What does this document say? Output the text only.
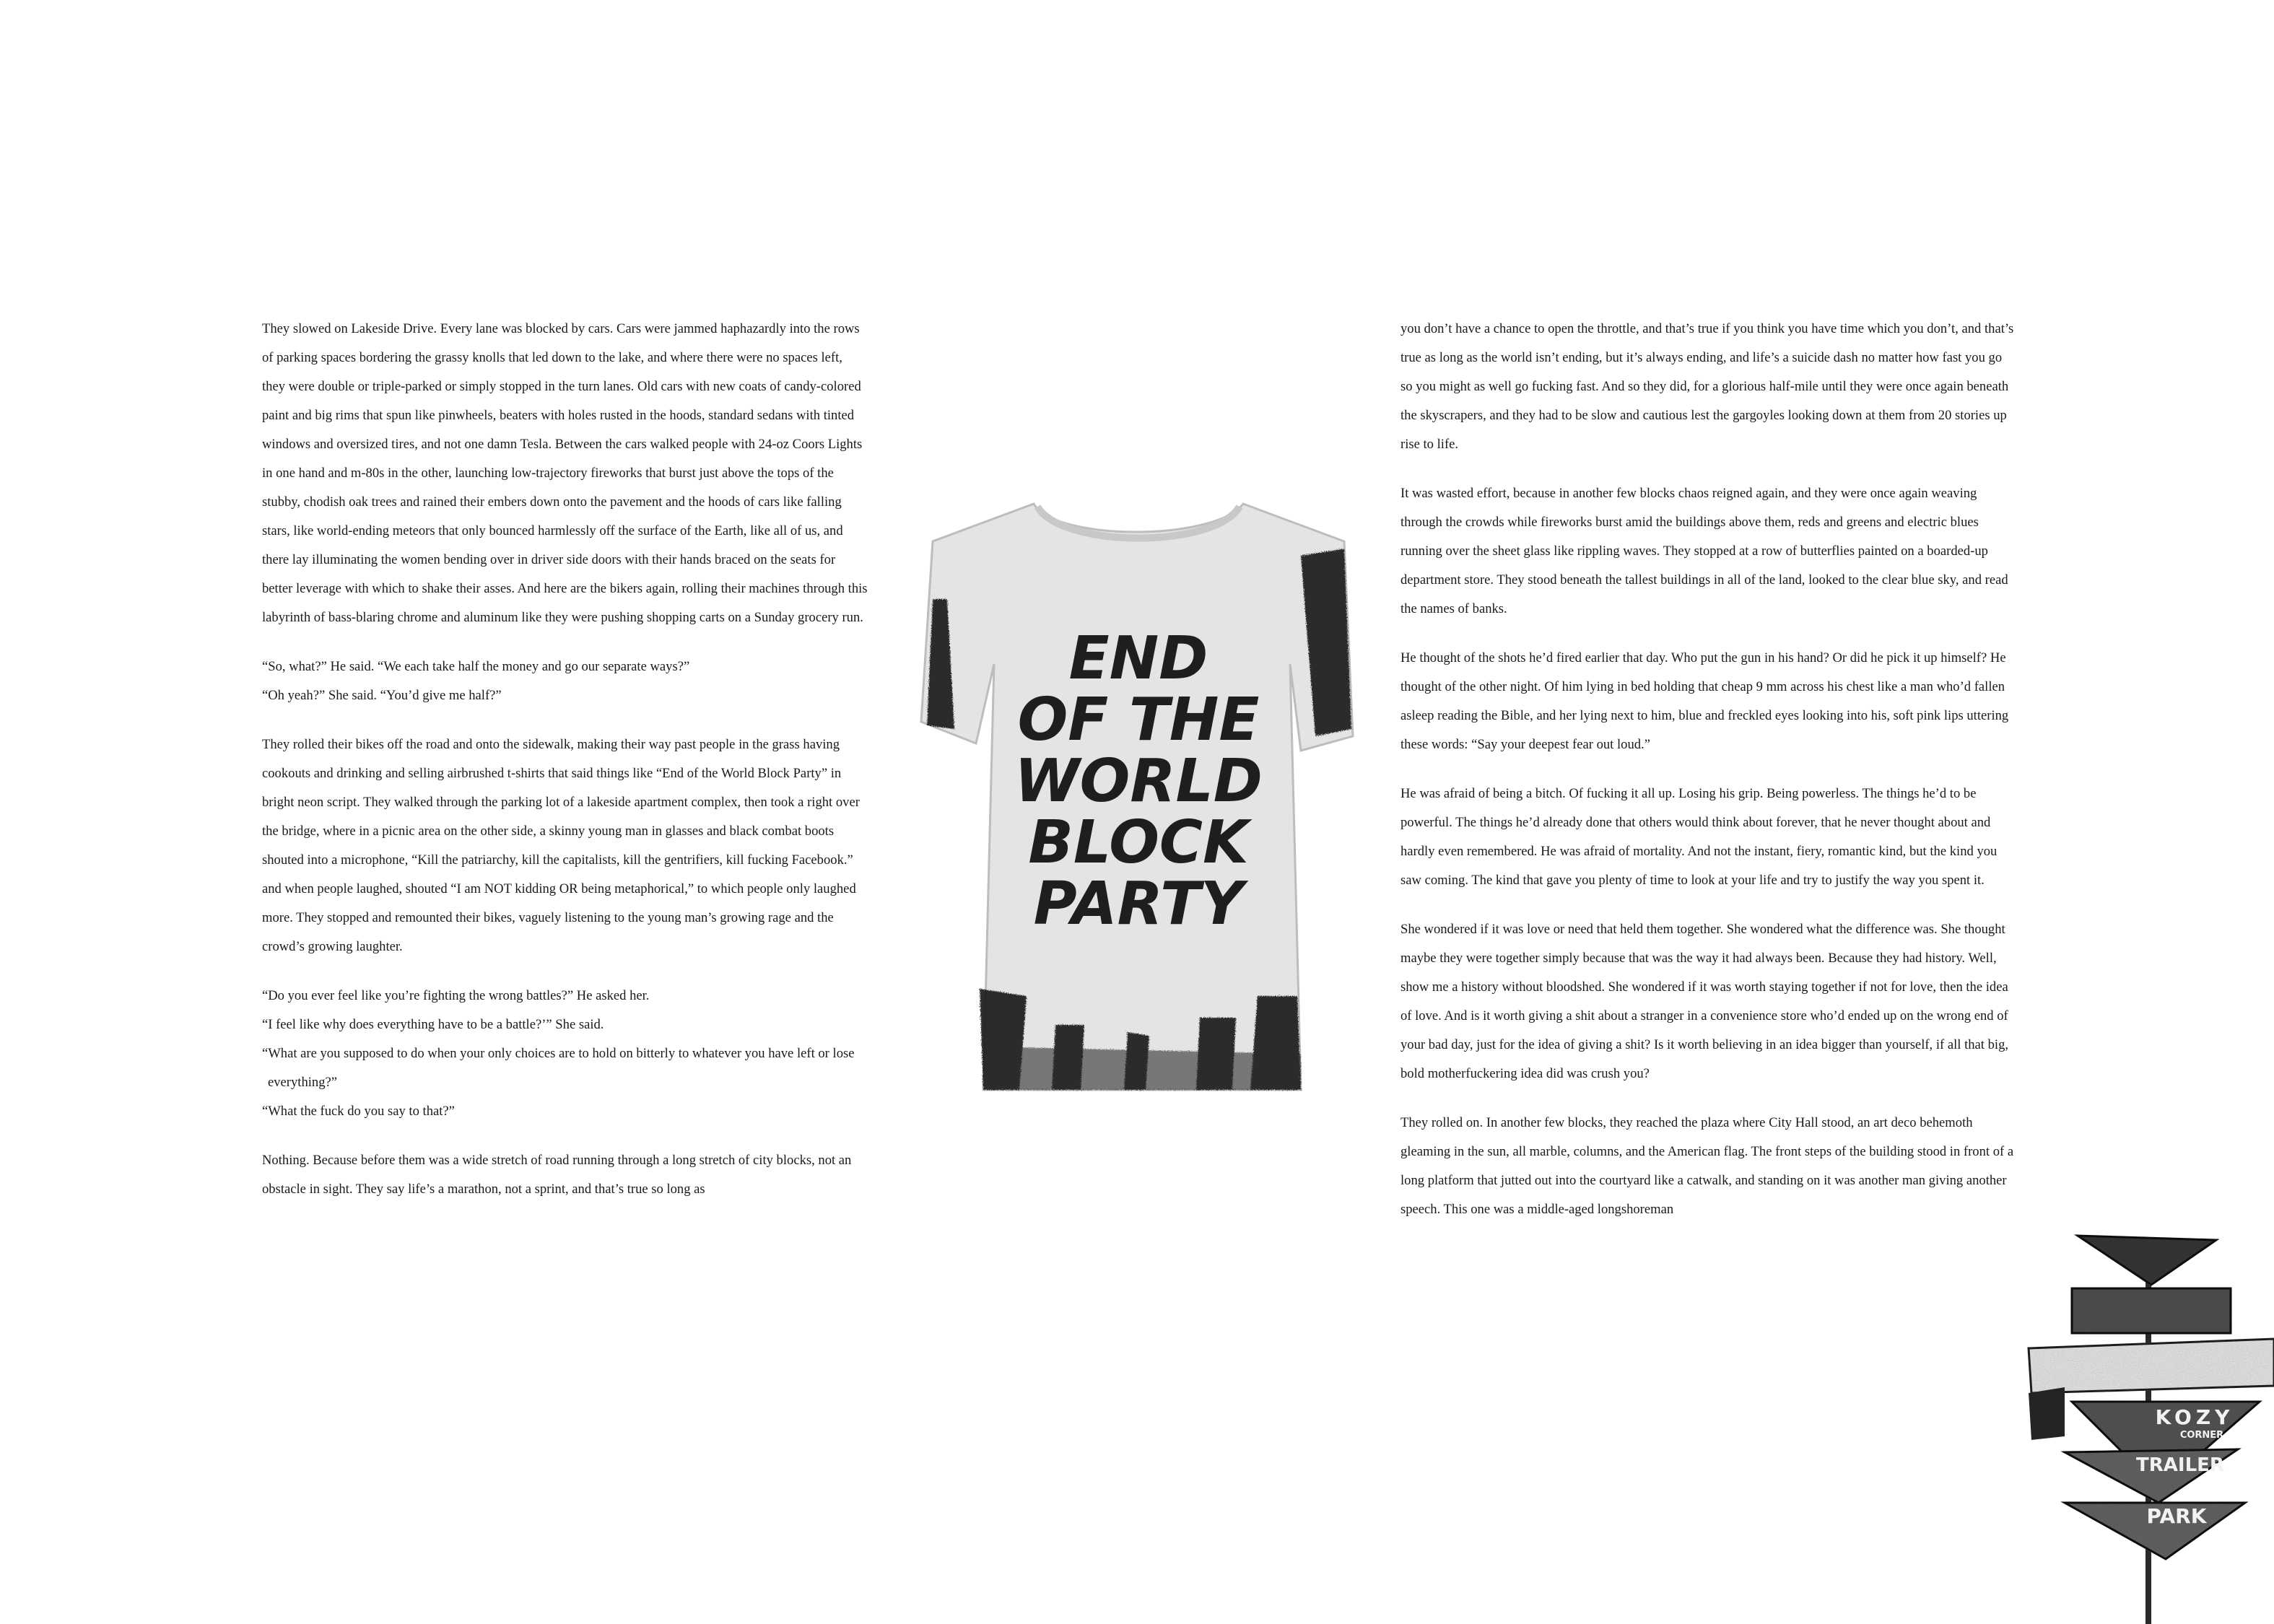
They slowed on Lakeside Drive. Every lane was blocked by cars. Cars were jammed haphazardly into the rows of parking spaces bordering the grassy knolls that led down to the lake, and where there were no spaces left, they were double or triple-parked or simply stopped in the turn lanes. Old cars with new coats of candy-colored paint and big rims that spun like pinwheels, beaters with holes rusted in the hoods, standard sedans with tinted windows and oversized tires, and not one damn Tesla. Between the cars walked people with 24-oz Coors Lights in one hand and m-80s in the other, launching low-trajectory fireworks that burst just above the tops of the stubby, chodish oak trees and rained their embers down onto the pavement and the hoods of cars like falling stars, like world-ending meteors that only bounced harmlessly off the surface of the Earth, like all of us, and there lay illuminating the women bending over in driver side doors with their hands braced on the seats for better leverage with which to shake their asses. And here are the bikers again, rolling their machines through this labyrinth of bass-blaring chrome and aluminum like they were pushing shopping carts on a Sunday grocery run.

“So, what?” He said. “We each take half the money and go our separate ways?”

“Oh yeah?” She said. “You’d give me half?”

They rolled their bikes off the road and onto the sidewalk, making their way past people in the grass having cookouts and drinking and selling airbrushed t-shirts that said things like “End of the World Block Party” in bright neon script. They walked through the parking lot of a lakeside apartment complex, then took a right over the bridge, where in a picnic area on the other side, a skinny young man in glasses and black combat boots shouted into a microphone, “Kill the patriarchy, kill the capitalists, kill the gentrifiers, kill fucking Facebook.” and when people laughed, shouted “I am NOT kidding OR being metaphorical,” to which people only laughed more. They stopped and remounted their bikes, vaguely listening to the young man’s growing rage and the crowd’s growing laughter.

“Do you ever feel like you’re fighting the wrong battles?” He asked her.

“I feel like why does everything have to be a battle?’” She said.

“What are you supposed to do when your only choices are to hold on bitterly to whatever you have left or lose everything?”

“What the fuck do you say to that?”

Nothing. Because before them was a wide stretch of road running through a long stretch of city blocks, not an obstacle in sight. They say life’s a marathon, not a sprint, and that’s true so long as

END
OF THE
WORLD
BLOCK
PARTY

you don’t have a chance to open the throttle, and that’s true if you think you have time which you don’t, and that’s true as long as the world isn’t ending, but it’s always ending, and life’s a suicide dash no matter how fast you go so you might as well go fucking fast. And so they did, for a glorious half-mile until they were once again beneath the skyscrapers, and they had to be slow and cautious lest the gargoyles looking down at them from 20 stories up rise to life.

It was wasted effort, because in another few blocks chaos reigned again, and they were once again weaving through the crowds while fireworks burst amid the buildings above them, reds and greens and electric blues running over the sheet glass like rippling waves. They stopped at a row of butterflies painted on a boarded-up department store. They stood beneath the tallest buildings in all of the land, looked to the clear blue sky, and read the names of banks.

He thought of the shots he’d fired earlier that day. Who put the gun in his hand? Or did he pick it up himself? He thought of the other night. Of him lying in bed holding that cheap 9 mm across his chest like a man who’d fallen asleep reading the Bible, and her lying next to him, blue and freckled eyes looking into his, soft pink lips uttering these words: “Say your deepest fear out loud.”

He was afraid of being a bitch. Of fucking it all up. Losing his grip. Being powerless. The things he’d to be powerful. The things he’d already done that others would think about forever, that he never thought about and hardly even remembered. He was afraid of mortality. And not the instant, fiery, romantic kind, but the kind you saw coming. The kind that gave you plenty of time to look at your life and try to justify the way you spent it.

She wondered if it was love or need that held them together. She wondered what the difference was. She thought maybe they were together simply because that was the way it had always been. Because they had history. Well, show me a history without bloodshed. She wondered if it was worth staying together if not for love, then the idea of love. And is it worth giving a shit about a stranger in a convenience store who’d ended up on the wrong end of your bad day, just for the idea of giving a shit? Is it worth believing in an idea bigger than yourself, if all that big, bold motherfuckering idea did was crush you?

They rolled on. In another few blocks, they reached the plaza where City Hall stood, an art deco behemoth gleaming in the sun, all marble, columns, and the American flag. The front steps of the building stood in front of a long platform that jutted out into the courtyard like a catwalk, and standing on it was another man giving another speech. This one was a middle-aged longshoreman

KOZY
CORNER
TRAILER
PARK
